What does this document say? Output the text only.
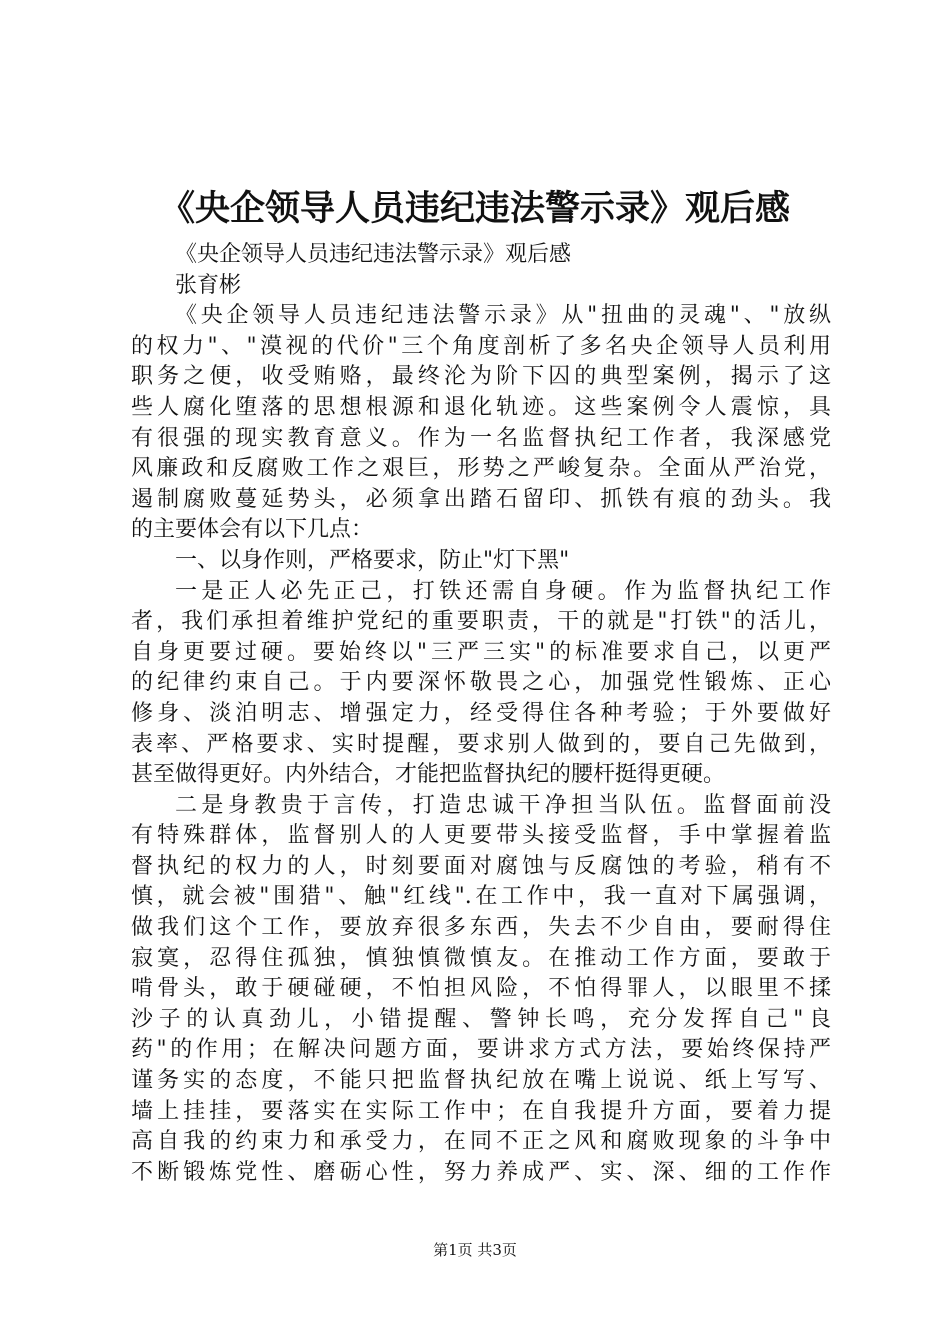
《央企领导人员违纪违法警示录》观后感
《央企领导人员违纪违法警示录》观后感
张育彬
《央企领导人员违纪违法警示录》从"扭曲的灵魂"、"放纵
的权力"、"漠视的代价"三个角度剖析了多名央企领导人员利用
职务之便，收受贿赂，最终沦为阶下囚的典型案例，揭示了这
些人腐化堕落的思想根源和退化轨迹。这些案例令人震惊，具
有很强的现实教育意义。作为一名监督执纪工作者，我深感党
风廉政和反腐败工作之艰巨，形势之严峻复杂。全面从严治党，
遏制腐败蔓延势头，必须拿出踏石留印、抓铁有痕的劲头。我
的主要体会有以下几点：
一、以身作则，严格要求，防止"灯下黑"
一是正人必先正己，打铁还需自身硬。作为监督执纪工作
者，我们承担着维护党纪的重要职责，干的就是"打铁"的活儿，
自身更要过硬。要始终以"三严三实"的标准要求自己，以更严
的纪律约束自己。于内要深怀敬畏之心，加强党性锻炼、正心
修身、淡泊明志、增强定力，经受得住各种考验；于外要做好
表率、严格要求、实时提醒，要求别人做到的，要自己先做到，
甚至做得更好。内外结合，才能把监督执纪的腰杆挺得更硬。
二是身教贵于言传，打造忠诚干净担当队伍。监督面前没
有特殊群体，监督别人的人更要带头接受监督，手中掌握着监
督执纪的权力的人，时刻要面对腐蚀与反腐蚀的考验，稍有不
慎，就会被"围猎"、触"红线".在工作中，我一直对下属强调，
做我们这个工作，要放弃很多东西，失去不少自由，要耐得住
寂寞，忍得住孤独，慎独慎微慎友。在推动工作方面，要敢于
啃骨头，敢于硬碰硬，不怕担风险，不怕得罪人，以眼里不揉
沙子的认真劲儿，小错提醒、警钟长鸣，充分发挥自己"良
药"的作用；在解决问题方面，要讲求方式方法，要始终保持严
谨务实的态度，不能只把监督执纪放在嘴上说说、纸上写写、
墙上挂挂，要落实在实际工作中；在自我提升方面，要着力提
高自我的约束力和承受力，在同不正之风和腐败现象的斗争中
不断锻炼党性、磨砺心性，努力养成严、实、深、细的工作作
第1页 共3页
